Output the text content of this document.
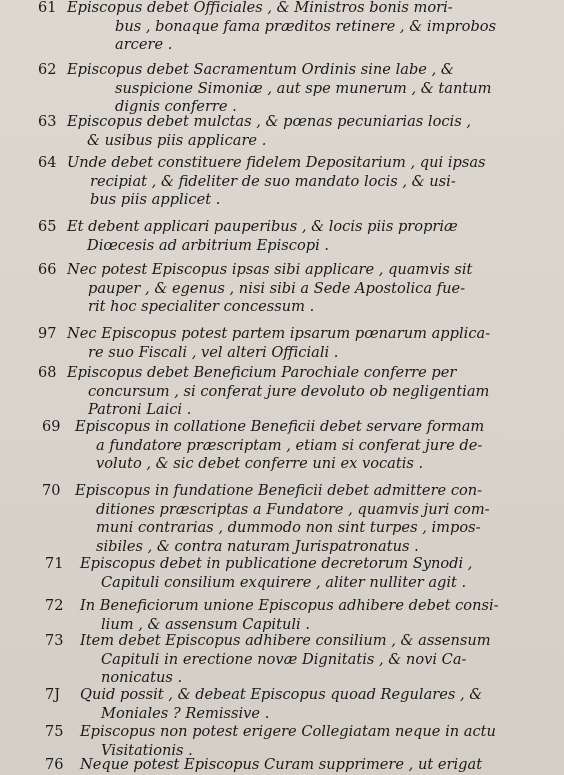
61 Episcopus debet Officiales , & Ministros bonis mori-
bus , bonaque fama præditos retinere , & improbos
arcere .
62 Episcopus debet Sacramentum Ordinis sine labe , &
suspicione Simoniæ , aut spe munerum , & tantum
dignis conferre .
63 Episcopus debet mulctas , & pœnas pecuniarias locis ,
& usibus piis applicare .
64 Unde debet constituere fidelem Depositarium , qui ipsas
recipiat , & fideliter de suo mandato locis , & usi-
bus piis applicet .
65 Et debent applicari pauperibus , & locis piis propriæ
Diœcesis ad arbitrium Episcopi .
66 Nec potest Episcopus ipsas sibi applicare , quamvis sit
pauper , & egenus , nisi sibi a Sede Apostolica fue-
rit hoc specialiter concessum .
97 Nec Episcopus potest partem ipsarum pœnarum applica-
re suo Fiscali , vel alteri Officiali .
68 Episcopus debet Beneficium Parochiale conferre per
concursum , si conferat jure devoluto ob negligentiam
Patroni Laici .
69 Episcopus in collatione Beneficii debet servare formam
a fundatore præscriptam , etiam si conferat jure de-
voluto , & sic debet conferre uni ex vocatis .
70 Episcopus in fundatione Beneficii debet admittere con-
ditiones præscriptas a Fundatore , quamvis juri com-
muni contrarias , dummodo non sint turpes , impos-
sibiles , & contra naturam Jurispatronatus .
71	Episcopus debet in publicatione decretorum Synodi ,
Capituli consilium exquirere , aliter nulliter agit .
72	In Beneficiorum unione Episcopus adhibere debet consi-
lium , & assensum Capituli .
73	Item debet Episcopus adhibere consilium , & assensum
Capituli in erectione novæ Dignitatis , & novi Ca-
nonicatus .
7J	Quid possit , & debeat Episcopus quoad Regulares , &
Moniales ? Remissive .
75	Episcopus non potest erigere Collegiatam neque in actu
Visitationis .
76	Neque potest Episcopus Curam supprimere , ut erigat
